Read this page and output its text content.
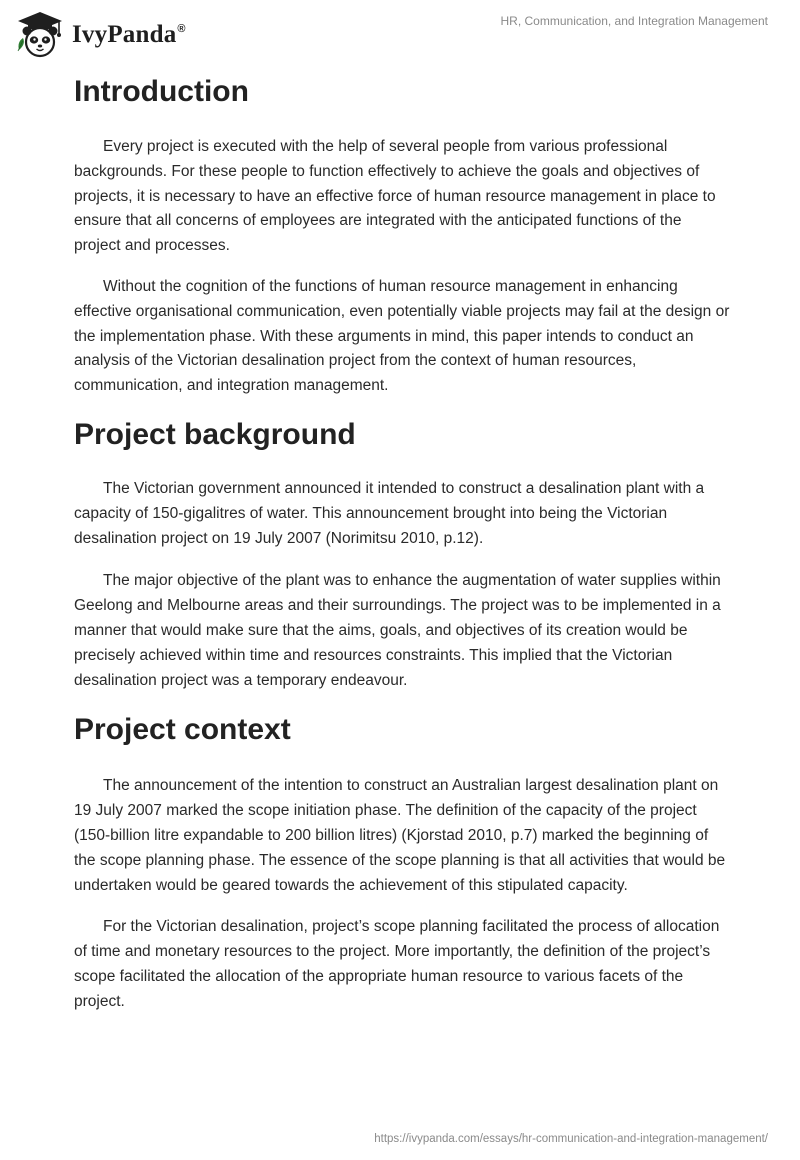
IvyPanda®
HR, Communication, and Integration Management
Introduction

Every project is executed with the help of several people from various professional backgrounds. For these people to function effectively to achieve the goals and objectives of projects, it is necessary to have an effective force of human resource management in place to ensure that all concerns of employees are integrated with the anticipated functions of the project and processes.

Without the cognition of the functions of human resource management in enhancing effective organisational communication, even potentially viable projects may fail at the design or the implementation phase. With these arguments in mind, this paper intends to conduct an analysis of the Victorian desalination project from the context of human resources, communication, and integration management.

Project background

The Victorian government announced it intended to construct a desalination plant with a capacity of 150-gigalitres of water. This announcement brought into being the Victorian desalination project on 19 July 2007 (Norimitsu 2010, p.12).

The major objective of the plant was to enhance the augmentation of water supplies within Geelong and Melbourne areas and their surroundings. The project was to be implemented in a manner that would make sure that the aims, goals, and objectives of its creation would be precisely achieved within time and resources constraints. This implied that the Victorian desalination project was a temporary endeavour.

Project context

The announcement of the intention to construct an Australian largest desalination plant on 19 July 2007 marked the scope initiation phase. The definition of the capacity of the project (150-billion litre expandable to 200 billion litres) (Kjorstad 2010, p.7) marked the beginning of the scope planning phase. The essence of the scope planning is that all activities that would be undertaken would be geared towards the achievement of this stipulated capacity.

For the Victorian desalination, project’s scope planning facilitated the process of allocation of time and monetary resources to the project. More importantly, the definition of the project’s scope facilitated the allocation of the appropriate human resource to various facets of the project.

https://ivypanda.com/essays/hr-communication-and-integration-management/
